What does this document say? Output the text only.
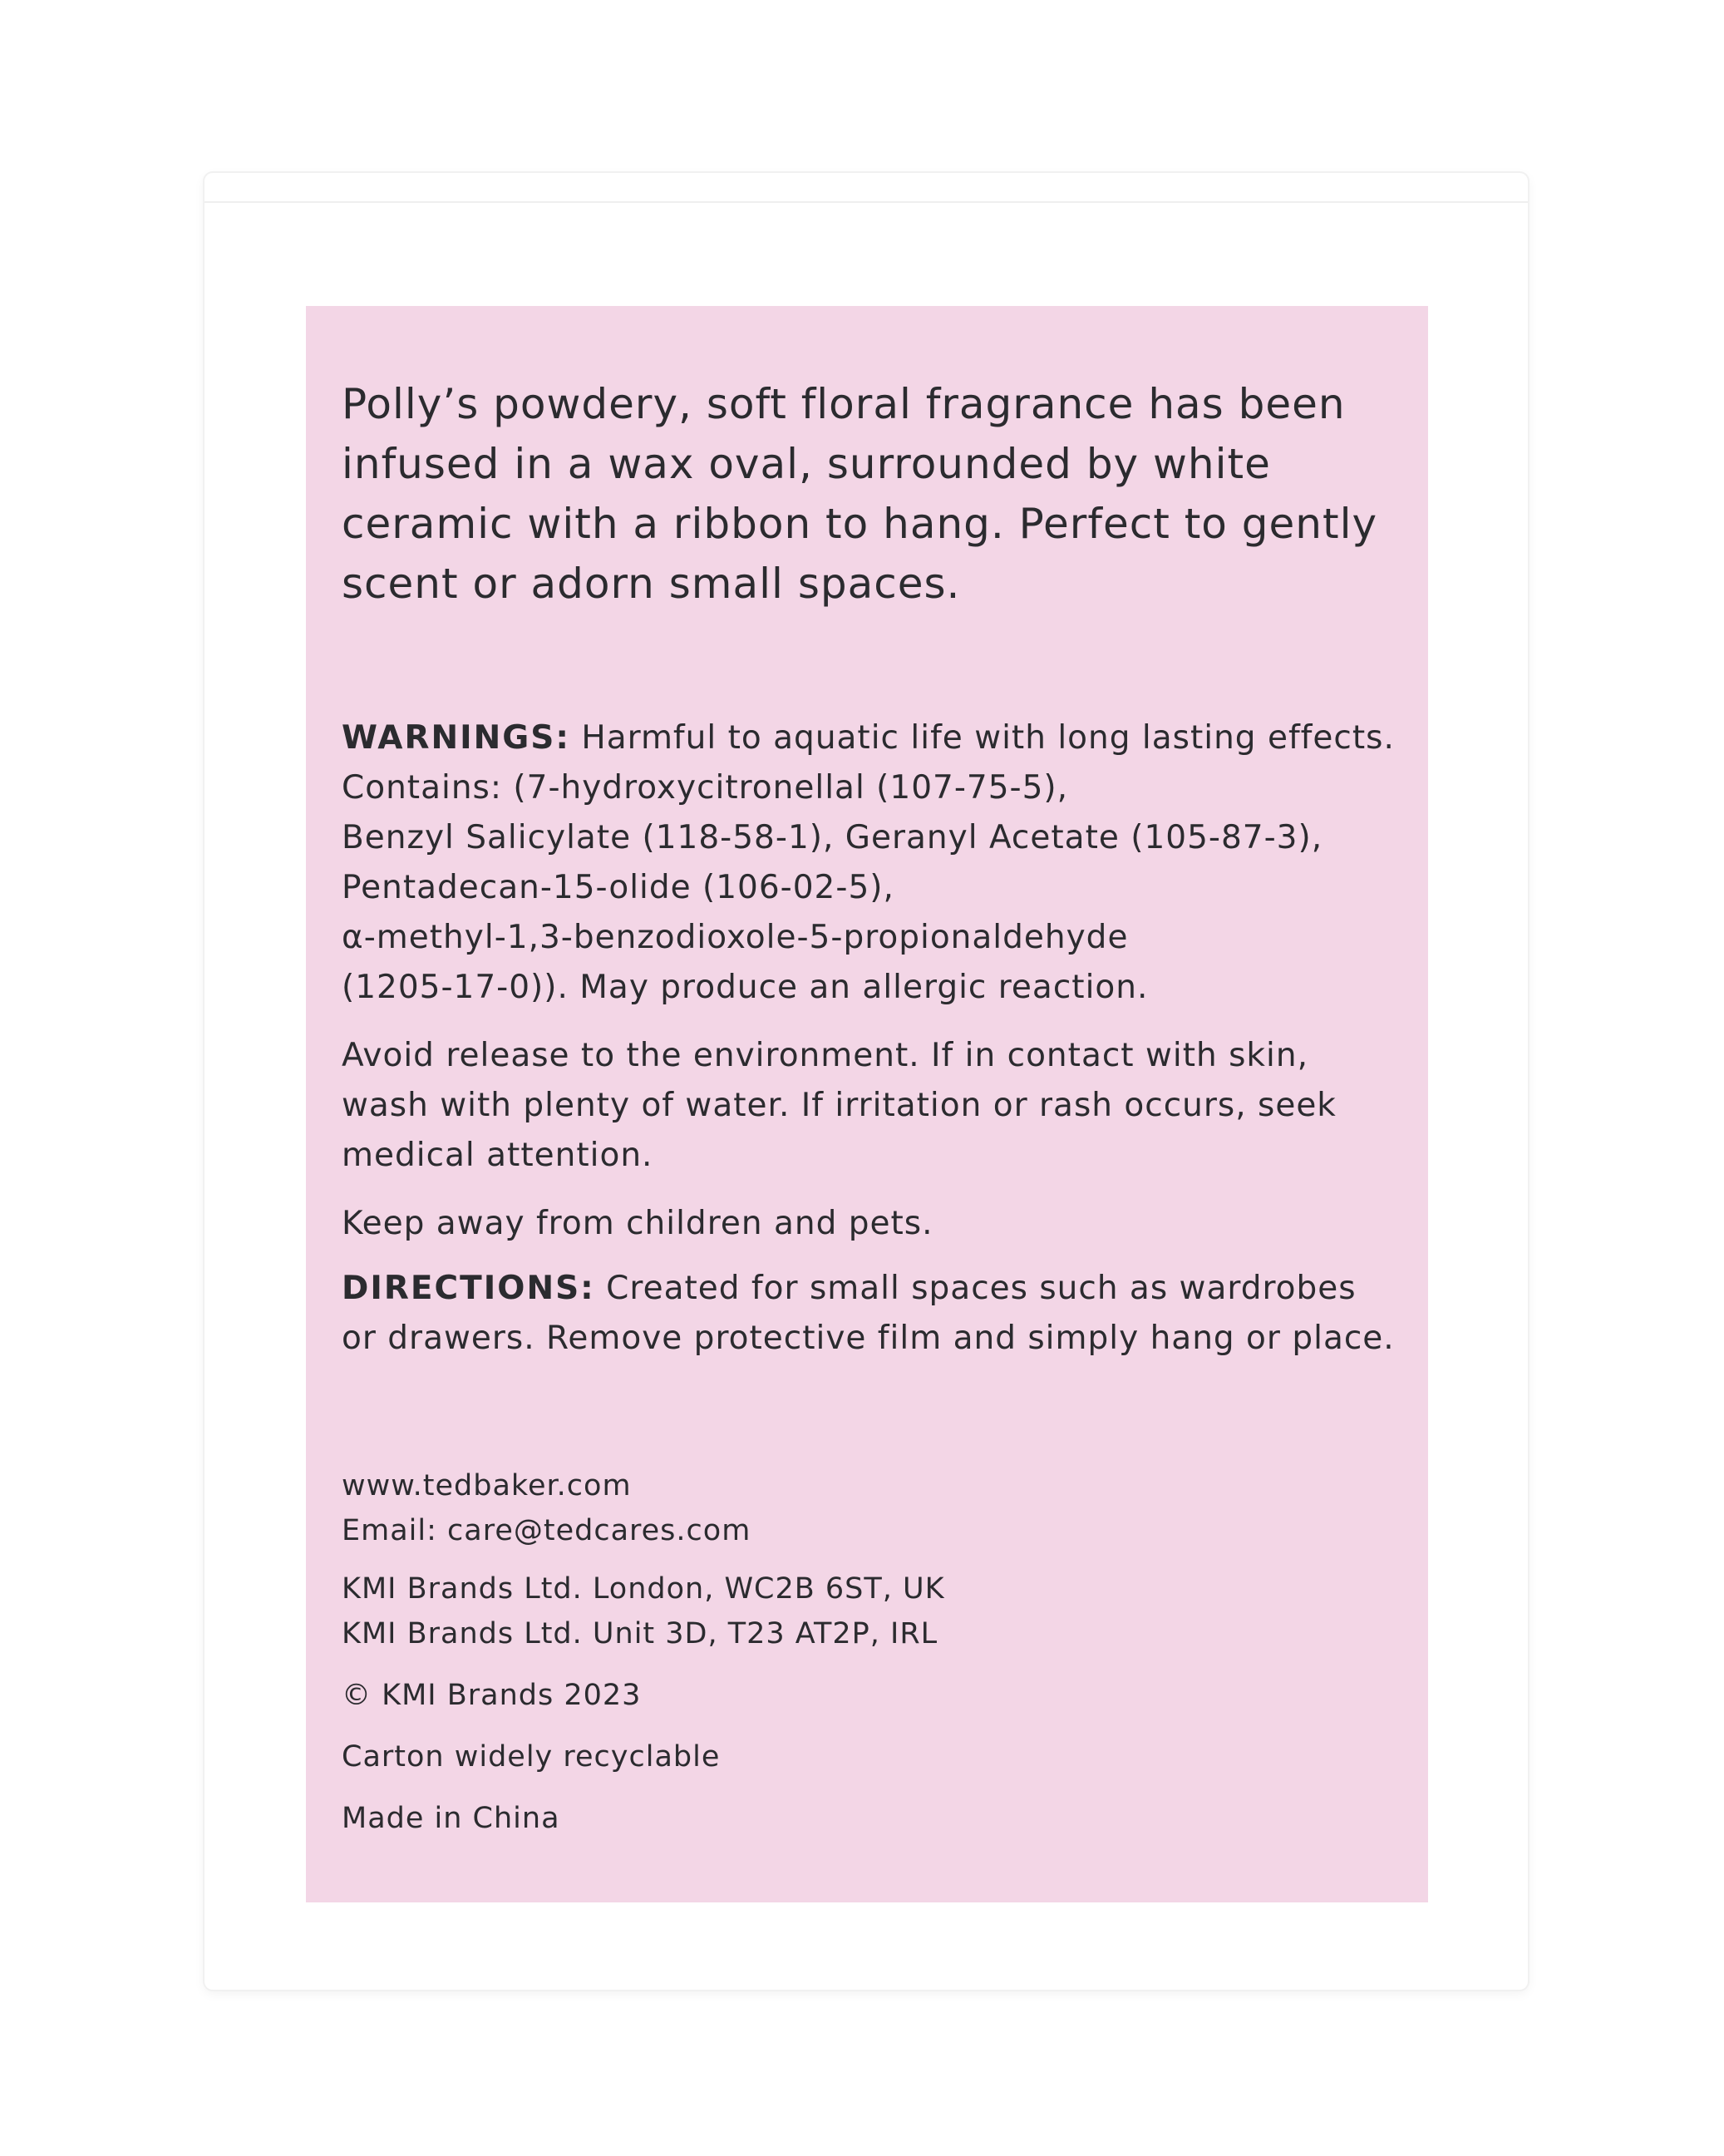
Polly’s powdery, soft floral fragrance has been
infused in a wax oval, surrounded by white
ceramic with a ribbon to hang. Perfect to gently
scent or adorn small spaces.

WARNINGS: Harmful to aquatic life with long lasting effects.
Contains: (7-hydroxycitronellal (107-75-5),
Benzyl Salicylate (118-58-1), Geranyl Acetate (105-87-3),
Pentadecan-15-olide (106-02-5),
α-methyl-1,3-benzodioxole-5-propionaldehyde
(1205-17-0)). May produce an allergic reaction.

Avoid release to the environment. If in contact with skin,
wash with plenty of water. If irritation or rash occurs, seek
medical attention.

Keep away from children and pets.

DIRECTIONS: Created for small spaces such as wardrobes
or drawers. Remove protective film and simply hang or place.

www.tedbaker.com
Email: care@tedcares.com

KMI Brands Ltd. London, WC2B 6ST, UK
KMI Brands Ltd. Unit 3D, T23 AT2P, IRL

© KMI Brands 2023

Carton widely recyclable

Made in China
